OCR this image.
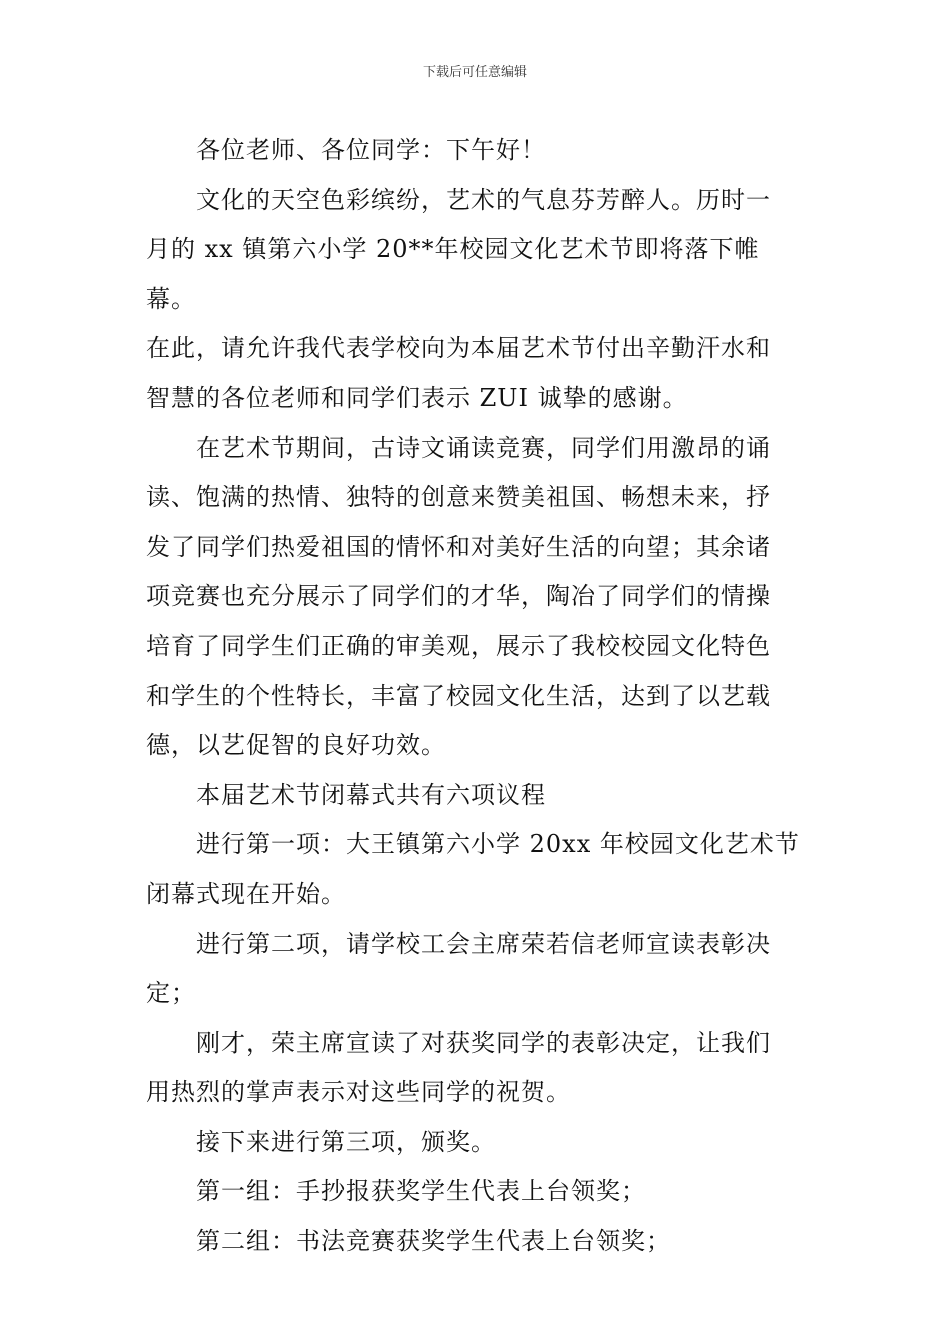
下载后可任意编辑

各位老师、各位同学：下午好！

文化的天空色彩缤纷，艺术的气息芬芳醉人。历时一
月的 xx 镇第六小学 20**年校园文化艺术节即将落下帷幕。
在此，请允许我代表学校向为本届艺术节付出辛勤汗水和
智慧的各位老师和同学们表示 ZUI 诚挚的感谢。

在艺术节期间，古诗文诵读竞赛，同学们用激昂的诵
读、饱满的热情、独特的创意来赞美祖国、畅想未来，抒
发了同学们热爱祖国的情怀和对美好生活的向望；其余诸
项竞赛也充分展示了同学们的才华，陶冶了同学们的情操
培育了同学生们正确的审美观，展示了我校校园文化特色
和学生的个性特长，丰富了校园文化生活，达到了以艺载
德，以艺促智的良好功效。

本届艺术节闭幕式共有六项议程

进行第一项：大王镇第六小学 20xx 年校园文化艺术节
闭幕式现在开始。

进行第二项，请学校工会主席荣若信老师宣读表彰决
定；

刚才，荣主席宣读了对获奖同学的表彰决定，让我们
用热烈的掌声表示对这些同学的祝贺。

接下来进行第三项，颁奖。

第一组：手抄报获奖学生代表上台领奖；

第二组：书法竞赛获奖学生代表上台领奖；
